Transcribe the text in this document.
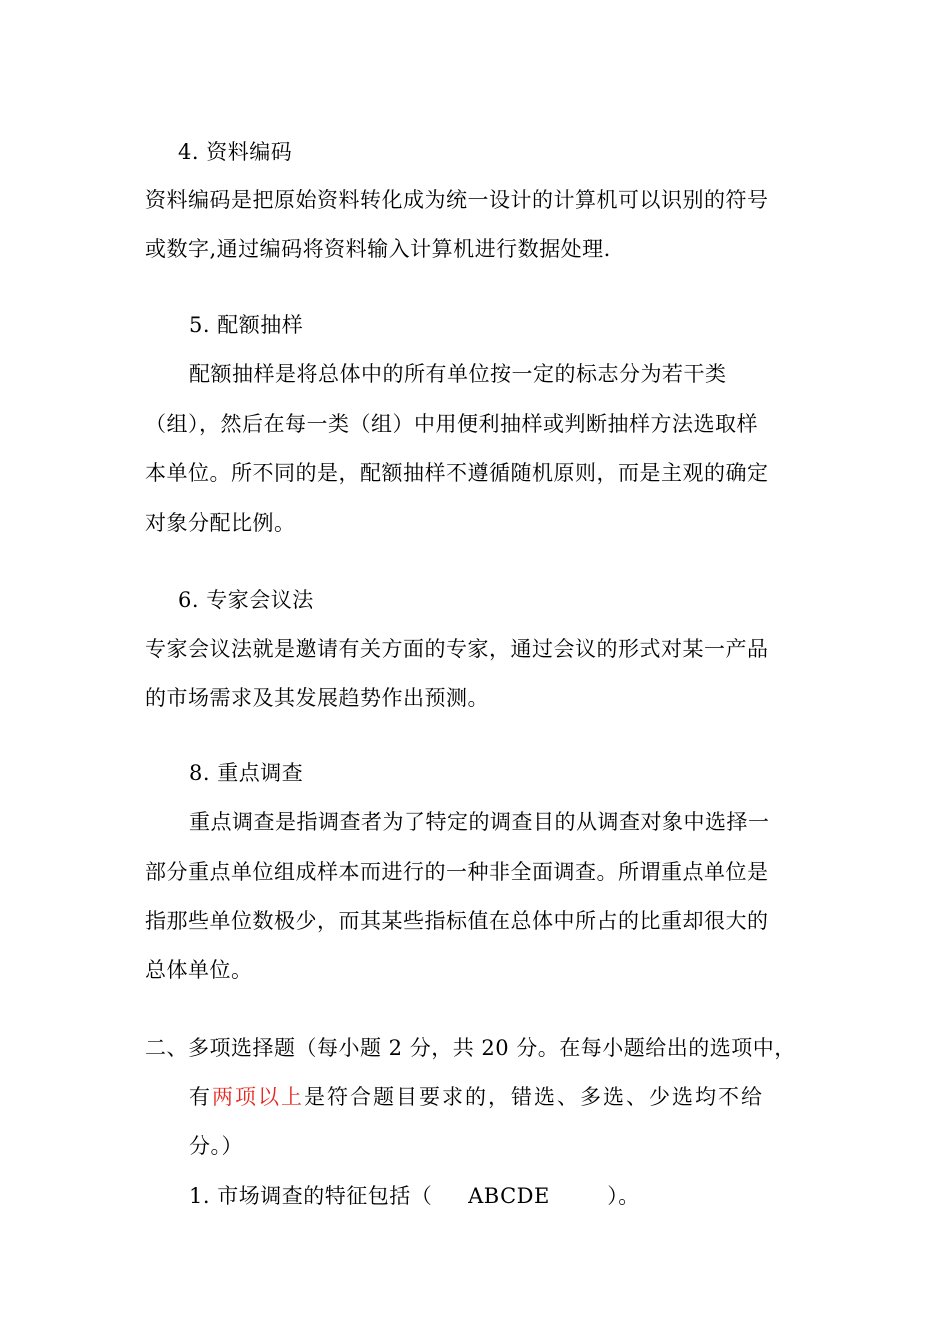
4. 资料编码
资料编码是把原始资料转化成为统一设计的计算机可以识别的符号
或数字,通过编码将资料输入计算机进行数据处理.
5. 配额抽样
配额抽样是将总体中的所有单位按一定的标志分为若干类
（组），然后在每一类（组）中用便利抽样或判断抽样方法选取样
本单位。所不同的是，配额抽样不遵循随机原则，而是主观的确定
对象分配比例。
6. 专家会议法
专家会议法就是邀请有关方面的专家，通过会议的形式对某一产品
的市场需求及其发展趋势作出预测。
8. 重点调查
重点调查是指调查者为了特定的调查目的从调查对象中选择一
部分重点单位组成样本而进行的一种非全面调查。所谓重点单位是
指那些单位数极少，而其某些指标值在总体中所占的比重却很大的
总体单位。
二、多项选择题（每小题 2 分，共 20 分。在每小题给出的选项中，
有两项以上是符合题目要求的，错选、多选、少选均不给
分。）
1. 市场调查的特征包括（     ABCDE        ）。
